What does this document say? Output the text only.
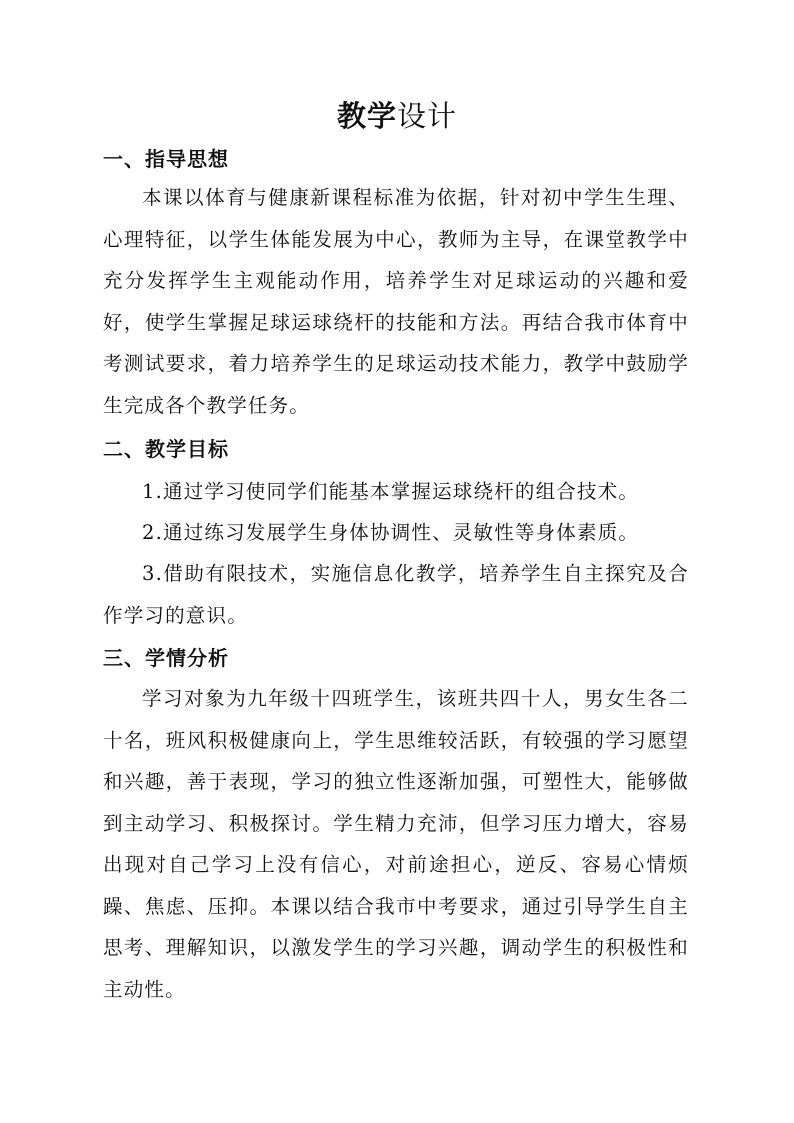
教学设计
一、指导思想

本课以体育与健康新课程标准为依据，针对初中学生生理、心理特征，以学生体能发展为中心，教师为主导，在课堂教学中充分发挥学生主观能动作用，培养学生对足球运动的兴趣和爱好，使学生掌握足球运球绕杆的技能和方法。再结合我市体育中考测试要求，着力培养学生的足球运动技术能力，教学中鼓励学生完成各个教学任务。

二、教学目标

1.通过学习使同学们能基本掌握运球绕杆的组合技术。

2.通过练习发展学生身体协调性、灵敏性等身体素质。

3.借助有限技术，实施信息化教学，培养学生自主探究及合作学习的意识。

三、学情分析

学习对象为九年级十四班学生，该班共四十人，男女生各二十名，班风积极健康向上，学生思维较活跃，有较强的学习愿望和兴趣，善于表现，学习的独立性逐渐加强，可塑性大，能够做到主动学习、积极探讨。学生精力充沛，但学习压力增大，容易出现对自己学习上没有信心，对前途担心，逆反、容易心情烦躁、焦虑、压抑。本课以结合我市中考要求，通过引导学生自主思考、理解知识，以激发学生的学习兴趣，调动学生的积极性和主动性。
